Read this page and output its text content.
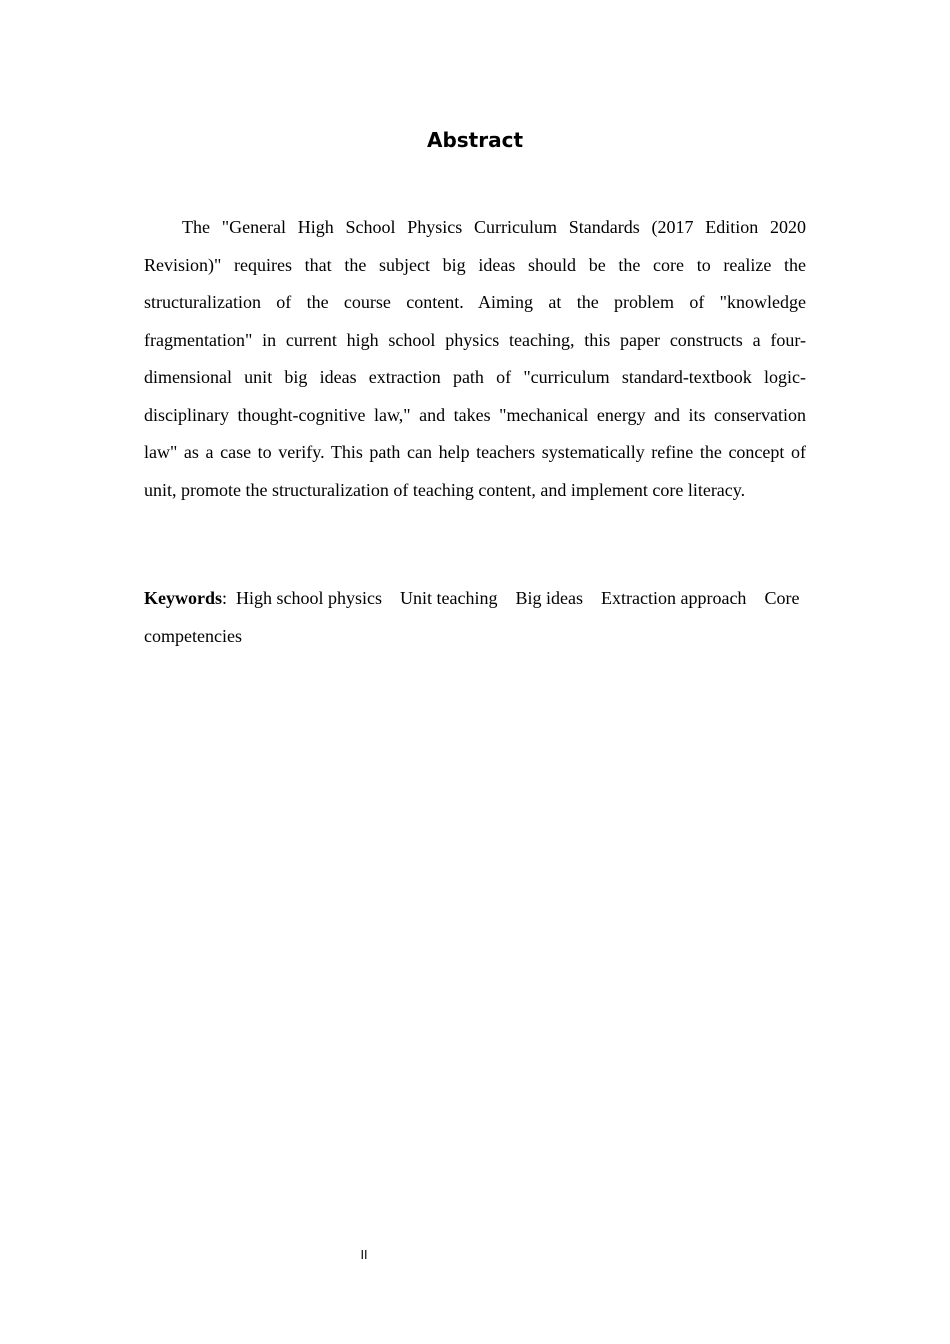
Abstract

The "General High School Physics Curriculum Standards (2017 Edition 2020 Revision)" requires that the subject big ideas should be the core to realize the structuralization of the course content. Aiming at the problem of "knowledge fragmentation" in current high school physics teaching, this paper constructs a four-dimensional unit big ideas extraction path of "curriculum standard-textbook logic-disciplinary thought-cognitive law," and takes "mechanical energy and its conservation law" as a case to verify. This path can help teachers systematically refine the concept of unit, promote the structuralization of teaching content, and implement core literacy.

Keywords: High school physics Unit teaching Big ideas Extraction approach Core competencies

II
